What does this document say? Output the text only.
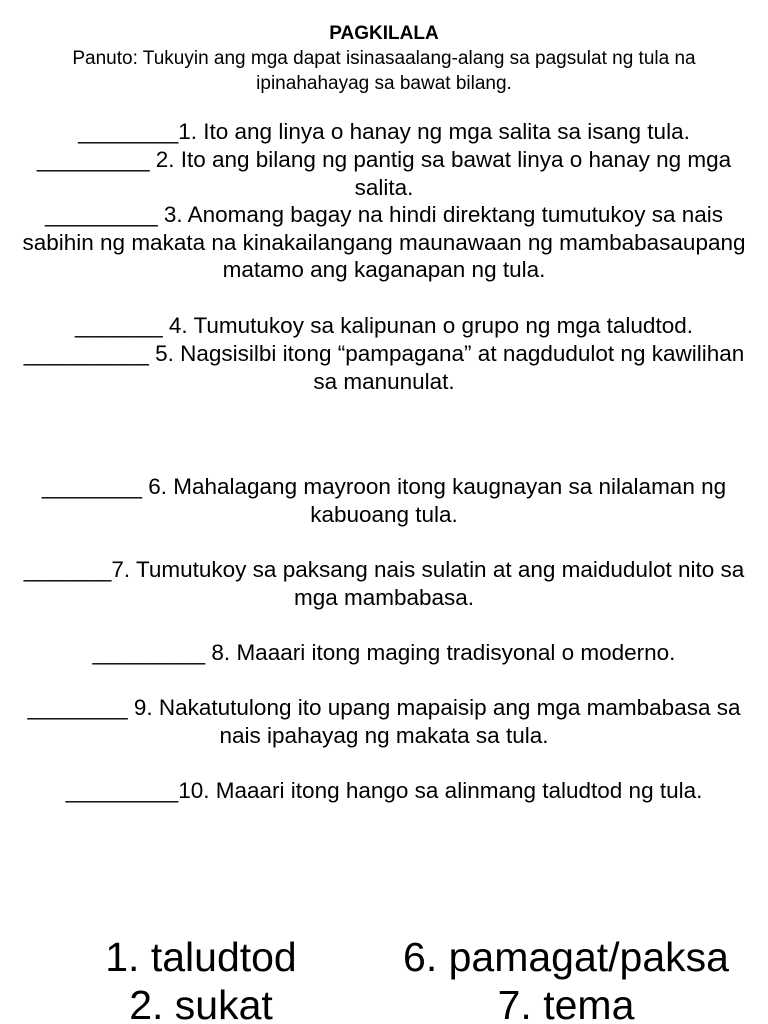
PAGKILALA
Panuto: Tukuyin ang mga dapat isinasaalang-alang sa pagsulat ng tula na ipinahahayag sa bawat bilang.

________1. Ito ang linya o hanay ng mga salita sa isang tula.

_________ 2. Ito ang bilang ng pantig sa bawat linya o hanay ng mga salita.

_________ 3. Anomang bagay na hindi direktang tumutukoy sa nais sabihin ng makata na kinakailangang maunawaan ng mambabasaupang matamo ang kaganapan ng tula.

_______ 4. Tumutukoy sa kalipunan o grupo ng mga taludtod.

__________ 5. Nagsisilbi itong “pampagana” at nagdudulot ng kawilihan sa manunulat.

________ 6. Mahalagang mayroon itong kaugnayan sa nilalaman ng kabuoang tula.

_______7. Tumutukoy sa paksang nais sulatin at ang maidudulot nito sa mga mambabasa.

_________ 8. Maaari itong maging tradisyonal o moderno.

________ 9. Nakatutulong ito upang mapaisip ang mga mambabasa sa nais ipahayag ng makata sa tula.

_________10. Maaari itong hango sa alinmang taludtod ng tula.

1. taludtod
2. sukat
6. pamagat/paksa
7. tema
